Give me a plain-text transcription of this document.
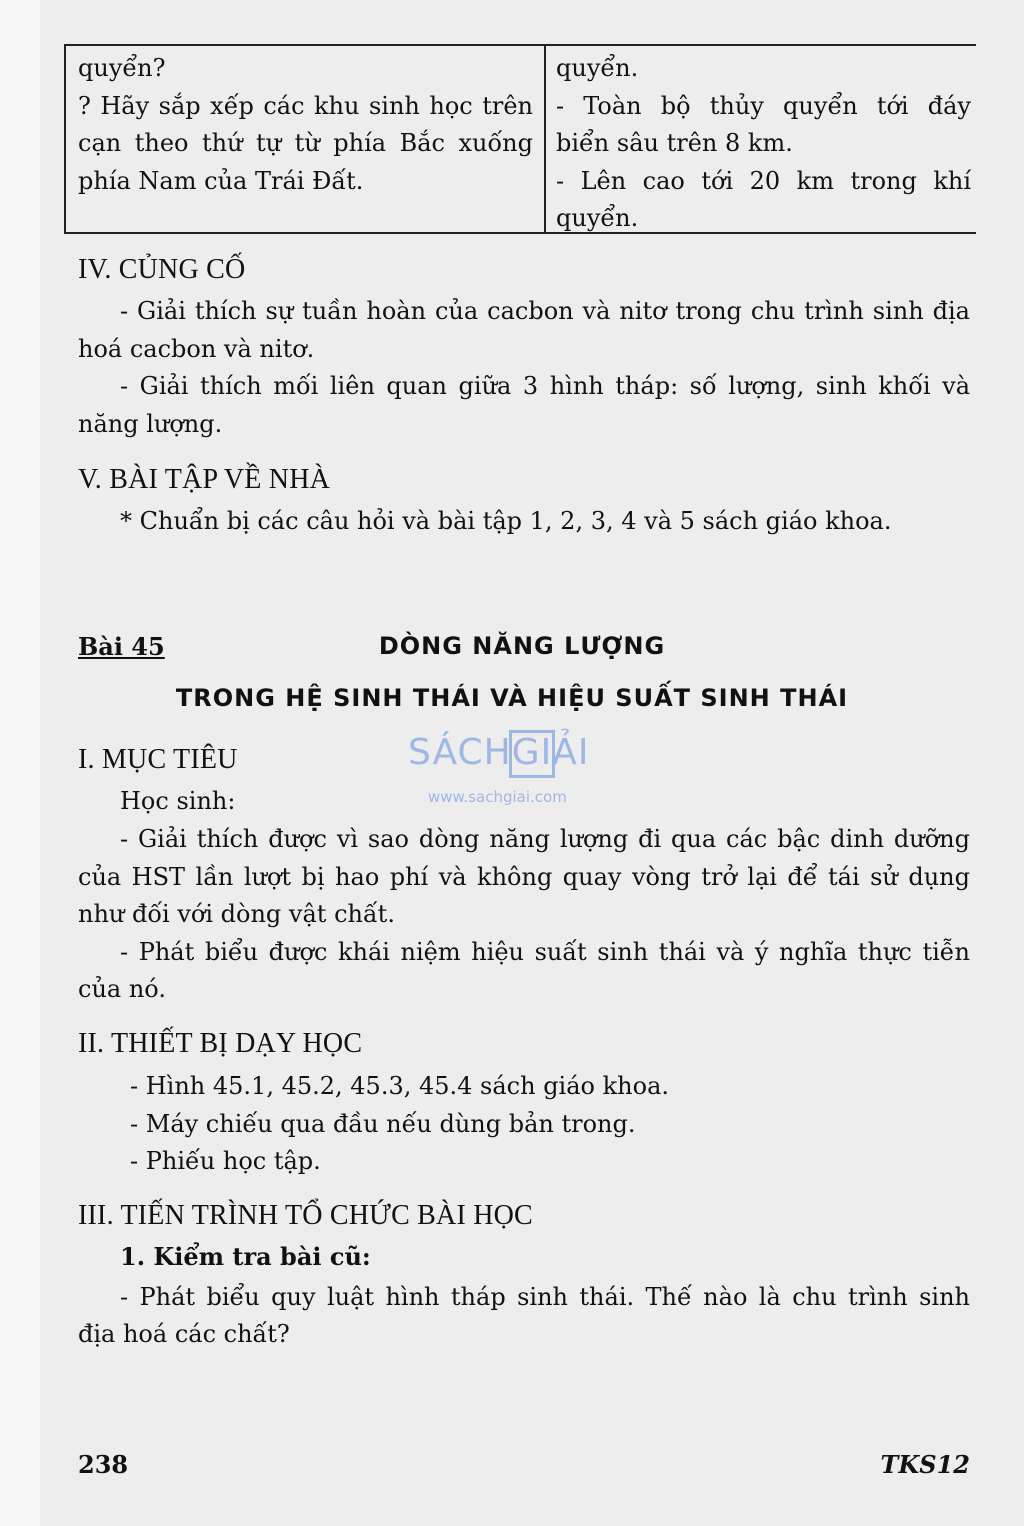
quyển?
? Hãy sắp xếp các khu sinh học trên
cạn theo thứ tự từ phía Bắc xuống
phía Nam của Trái Đất.
quyển.
- Toàn bộ thủy quyển tới đáy
biển sâu trên 8 km.
- Lên cao tới 20 km trong khí
quyển.
IV. CỦNG CỐ
- Giải thích sự tuần hoàn của cacbon và nitơ trong chu trình sinh địa
hoá cacbon và nitơ.
- Giải thích mối liên quan giữa 3 hình tháp: số lượng, sinh khối và
năng lượng.
V. BÀI TẬP VỀ NHÀ
* Chuẩn bị các câu hỏi và bài tập 1, 2, 3, 4 và 5 sách giáo khoa.
Bài 45	DÒNG NĂNG LƯỢNG
TRONG HỆ SINH THÁI VÀ HIỆU SUẤT SINH THÁI
SÁCHGIẢI
www.sachgiai.com
I. MỤC TIÊU
Học sinh:
- Giải thích được vì sao dòng năng lượng đi qua các bậc dinh dưỡng
của HST lần lượt bị hao phí và không quay vòng trở lại để tái sử dụng
như đối với dòng vật chất.
- Phát biểu được khái niệm hiệu suất sinh thái và ý nghĩa thực tiễn
của nó.
II. THIẾT BỊ DẠY HỌC
- Hình 45.1, 45.2, 45.3, 45.4 sách giáo khoa.
- Máy chiếu qua đầu nếu dùng bản trong.
- Phiếu học tập.
III. TIẾN TRÌNH TỔ CHỨC BÀI HỌC
1. Kiểm tra bài cũ:
- Phát biểu quy luật hình tháp sinh thái. Thế nào là chu trình sinh
địa hoá các chất?
238	TKS12
